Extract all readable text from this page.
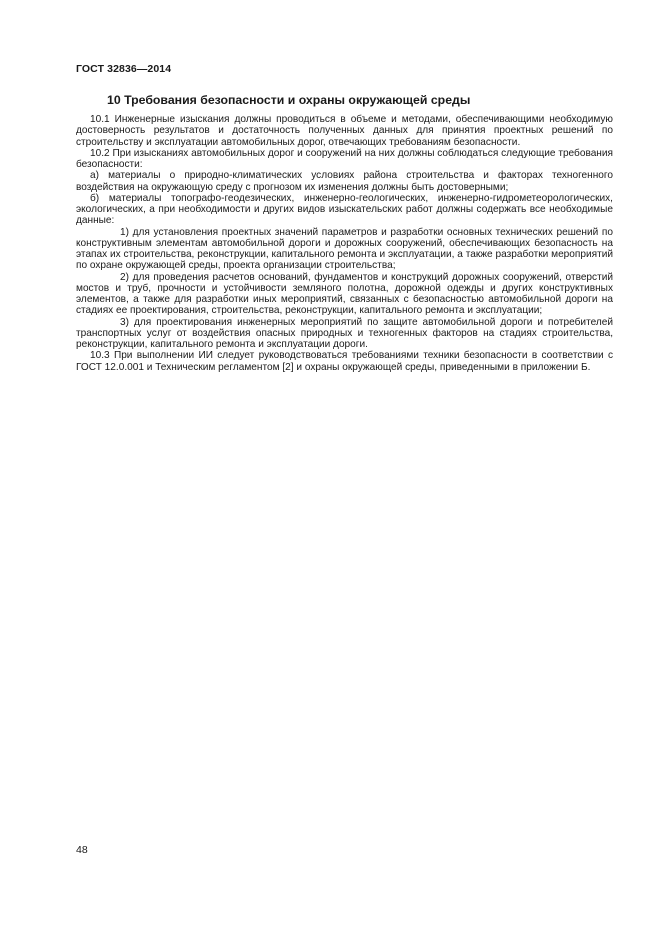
ГОСТ 32836—2014
10 Требования безопасности и охраны окружающей среды

10.1 Инженерные изыскания должны проводиться в объеме и методами, обеспечивающими необходимую достоверность результатов и достаточность полученных данных для принятия проектных решений по строительству и эксплуатации автомобильных дорог, отвечающих требованиям безопасности.

10.2 При изысканиях автомобильных дорог и сооружений на них должны соблюдаться следующие требования безопасности:

а) материалы о природно-климатических условиях района строительства и факторах техногенного воздействия на окружающую среду с прогнозом их изменения должны быть достоверными;

б) материалы топографо-геодезических, инженерно-геологических, инженерно-гидрометеорологических, экологических, а при необходимости и других видов изыскательских работ должны содержать все необходимые данные:

1) для установления проектных значений параметров и разработки основных технических решений по конструктивным элементам автомобильной дороги и дорожных сооружений, обеспечивающих безопасность на этапах их строительства, реконструкции, капитального ремонта и эксплуатации, а также разработки мероприятий по охране окружающей среды, проекта организации строительства;

2) для проведения расчетов оснований, фундаментов и конструкций дорожных сооружений, отверстий мостов и труб, прочности и устойчивости земляного полотна, дорожной одежды и других конструктивных элементов, а также для разработки иных мероприятий, связанных с безопасностью автомобильной дороги на стадиях ее проектирования, строительства, реконструкции, капитального ремонта и эксплуатации;

3) для проектирования инженерных мероприятий по защите автомобильной дороги и потребителей транспортных услуг от воздействия опасных природных и техногенных факторов на стадиях строительства, реконструкции, капитального ремонта и эксплуатации дороги.

10.3 При выполнении ИИ следует руководствоваться требованиями техники безопасности в соответствии с ГОСТ 12.0.001 и Техническим регламентом [2] и охраны окружающей среды, приведенными в приложении Б.

48
